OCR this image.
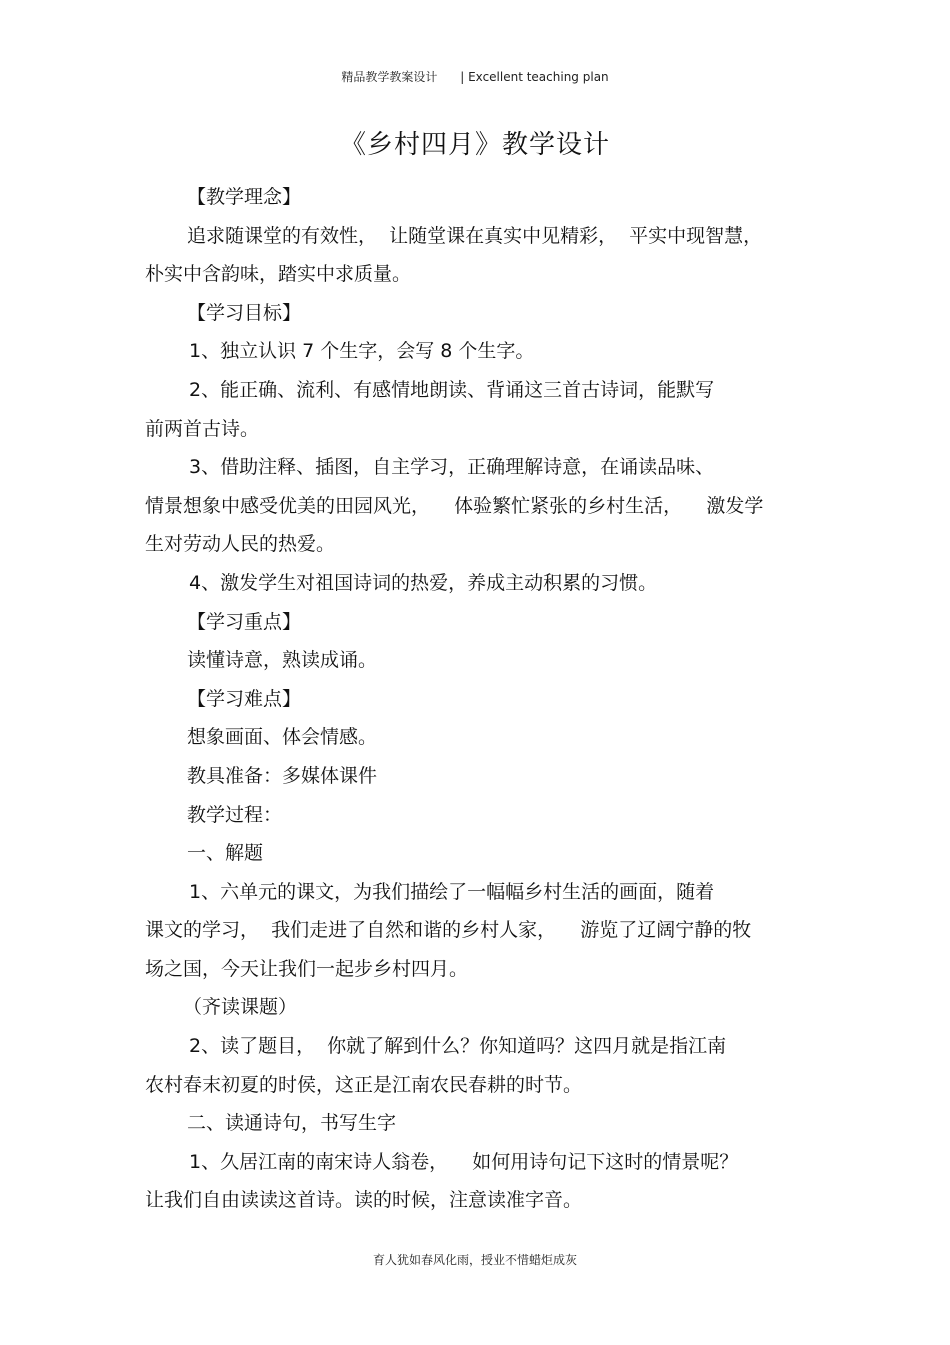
精品教学教案设计 | Excellent teaching plan
《乡村四月》教学设计
【教学理念】
追求随课堂的有效性，  让随堂课在真实中见精彩，  平实中现智慧，
朴实中含韵味，踏实中求质量。
【学习目标】
1、独立认识 7 个生字，会写 8 个生字。
2、能正确、流利、有感情地朗读、背诵这三首古诗词，能默写
前两首古诗。
3、借助注释、插图，自主学习，正确理解诗意，在诵读品味、
情景想象中感受优美的田园风光，    体验繁忙紧张的乡村生活，    激发学
生对劳动人民的热爱。
4、激发学生对祖国诗词的热爱，养成主动积累的习惯。
【学习重点】
读懂诗意，熟读成诵。
【学习难点】
想象画面、体会情感。
教具准备：多媒体课件
教学过程：
一、解题
1、六单元的课文，为我们描绘了一幅幅乡村生活的画面，随着
课文的学习，  我们走进了自然和谐的乡村人家，    游览了辽阔宁静的牧
场之国，今天让我们一起步乡村四月。
（齐读课题）
2、读了题目，  你就了解到什么？你知道吗？这四月就是指江南
农村春末初夏的时侯，这正是江南农民春耕的时节。
二、读通诗句，书写生字
1、久居江南的南宋诗人翁卷，    如何用诗句记下这时的情景呢？
让我们自由读读这首诗。读的时候，注意读准字音。
育人犹如春风化雨，授业不惜蜡炬成灰
